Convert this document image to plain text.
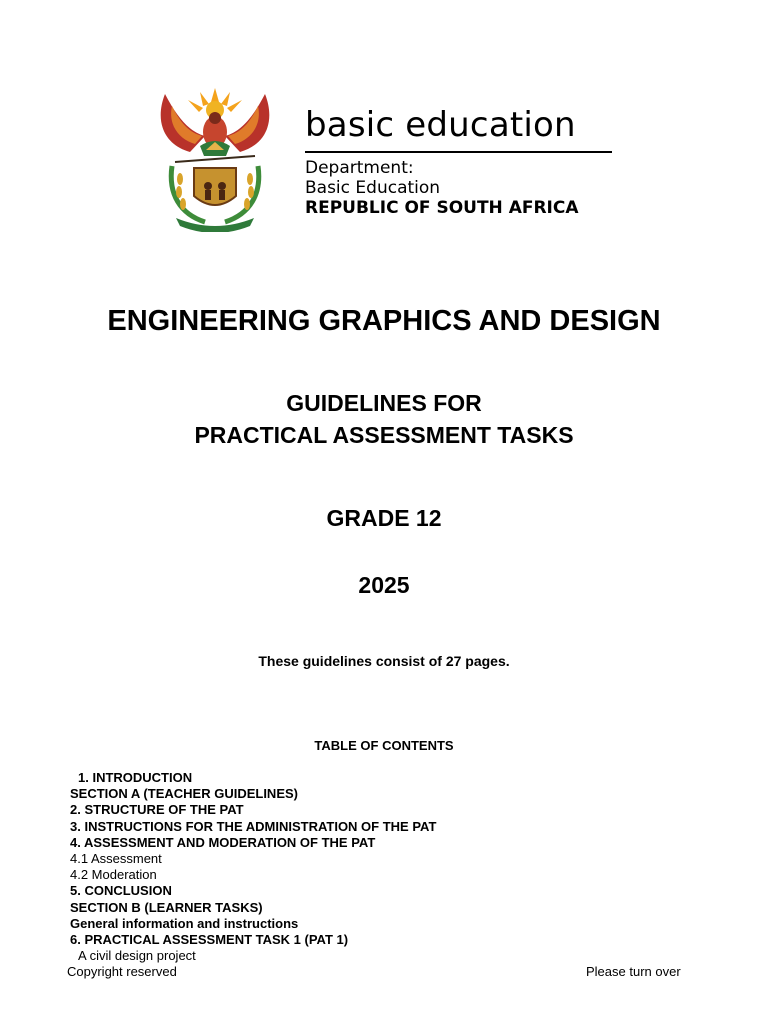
basic education
Department:
Basic Education
REPUBLIC OF SOUTH AFRICA
ENGINEERING GRAPHICS AND DESIGN
GUIDELINES FOR
PRACTICAL ASSESSMENT TASKS
GRADE 12
2025
These guidelines consist of 27 pages.
TABLE OF CONTENTS
1. INTRODUCTION
SECTION A (TEACHER GUIDELINES)
2. STRUCTURE OF THE PAT
3. INSTRUCTIONS FOR THE ADMINISTRATION OF THE PAT
4. ASSESSMENT AND MODERATION OF THE PAT
4.1 Assessment
4.2 Moderation
5. CONCLUSION
SECTION B (LEARNER TASKS)
General information and instructions
6. PRACTICAL ASSESSMENT TASK 1 (PAT 1)
A civil design project
Copyright reserved	Please turn over
